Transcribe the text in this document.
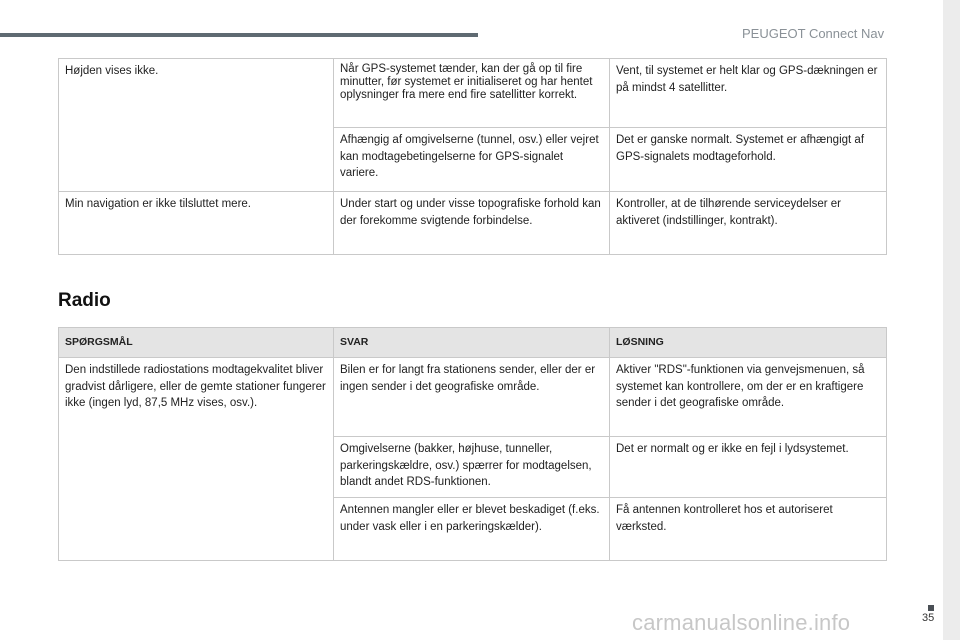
PEUGEOT Connect Nav
Højden vises ikke.	Når GPS-systemet tænder, kan der gå op til fire minutter, før systemet er initialiseret og har hentet oplysninger fra mere end fire satellitter korrekt.	Vent, til systemet er helt klar og GPS-dækningen er på mindst 4 satellitter.
	Afhængig af omgivelserne (tunnel, osv.) eller vejret kan modtagebetingelserne for GPS-signalet variere.	Det er ganske normalt. Systemet er afhængigt af GPS-signalets modtageforhold.
Min navigation er ikke tilsluttet mere.	Under start og under visse topografiske forhold kan der forekomme svigtende forbindelse.	Kontroller, at de tilhørende serviceydelser er aktiveret (indstillinger, kontrakt).
Radio
SPØRGSMÅL	SVAR	LØSNING
Den indstillede radiostations modtagekvalitet bliver gradvist dårligere, eller de gemte stationer fungerer ikke (ingen lyd, 87,5 MHz vises, osv.).	Bilen er for langt fra stationens sender, eller der er ingen sender i det geografiske område.	Aktiver "RDS"-funktionen via genvejsmenuen, så systemet kan kontrollere, om der er en kraftigere sender i det geografiske område.
	Omgivelserne (bakker, højhuse, tunneller, parkeringskældre, osv.) spærrer for modtagelsen, blandt andet RDS-funktionen.	Det er normalt og er ikke en fejl i lydsystemet.
	Antennen mangler eller er blevet beskadiget (f.eks. under vask eller i en parkeringskælder).	Få antennen kontrolleret hos et autoriseret værksted.
35
carmanualsonline.info
